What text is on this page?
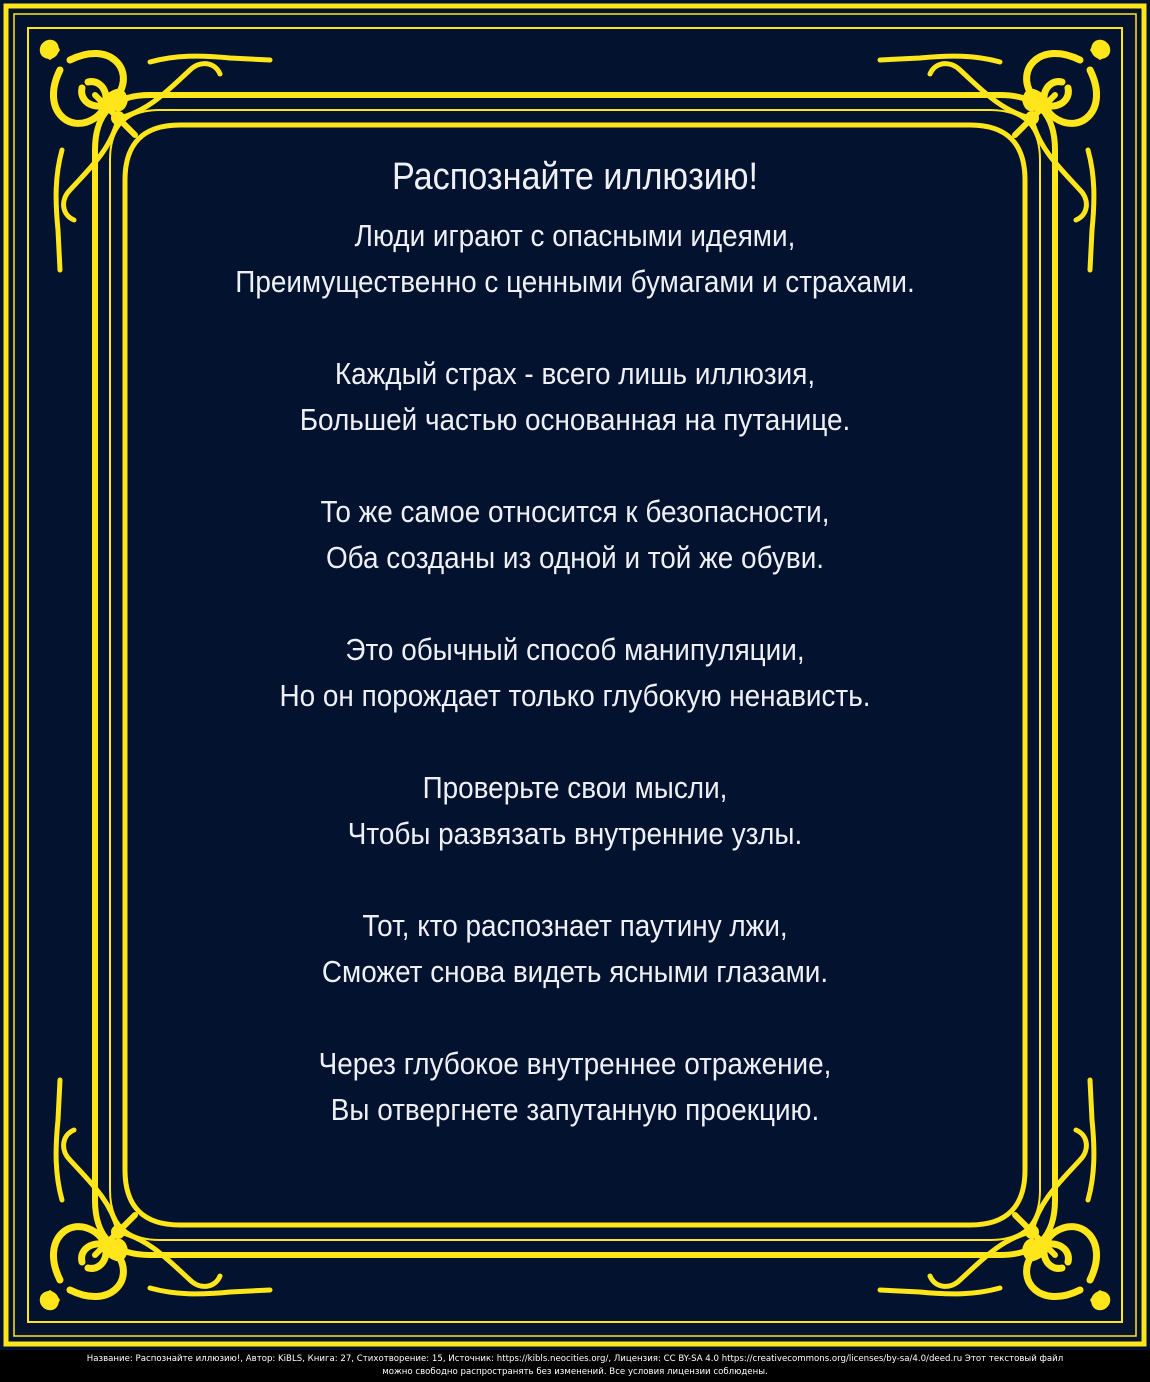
Распознайте иллюзию!
Люди играют с опасными идеями,
Преимущественно с ценными бумагами и страхами.
Каждый страх - всего лишь иллюзия,
Большей частью основанная на путанице.
То же самое относится к безопасности,
Оба созданы из одной и той же обуви.
Это обычный способ манипуляции,
Но он порождает только глубокую ненависть.
Проверьте свои мысли,
Чтобы развязать внутренние узлы.
Тот, кто распознает паутину лжи,
Сможет снова видеть ясными глазами.
Через глубокое внутреннее отражение,
Вы отвергнете запутанную проекцию.
Название: Распознайте иллюзию!, Автор: KiBLS, Книга: 27, Стихотворение: 15, Источник: https://kibls.neocities.org/, Лицензия: CC BY-SA 4.0 https://creativecommons.org/licenses/by-sa/4.0/deed.ru Этот текстовый файл
можно свободно распространять без изменений. Все условия лицензии соблюдены.
